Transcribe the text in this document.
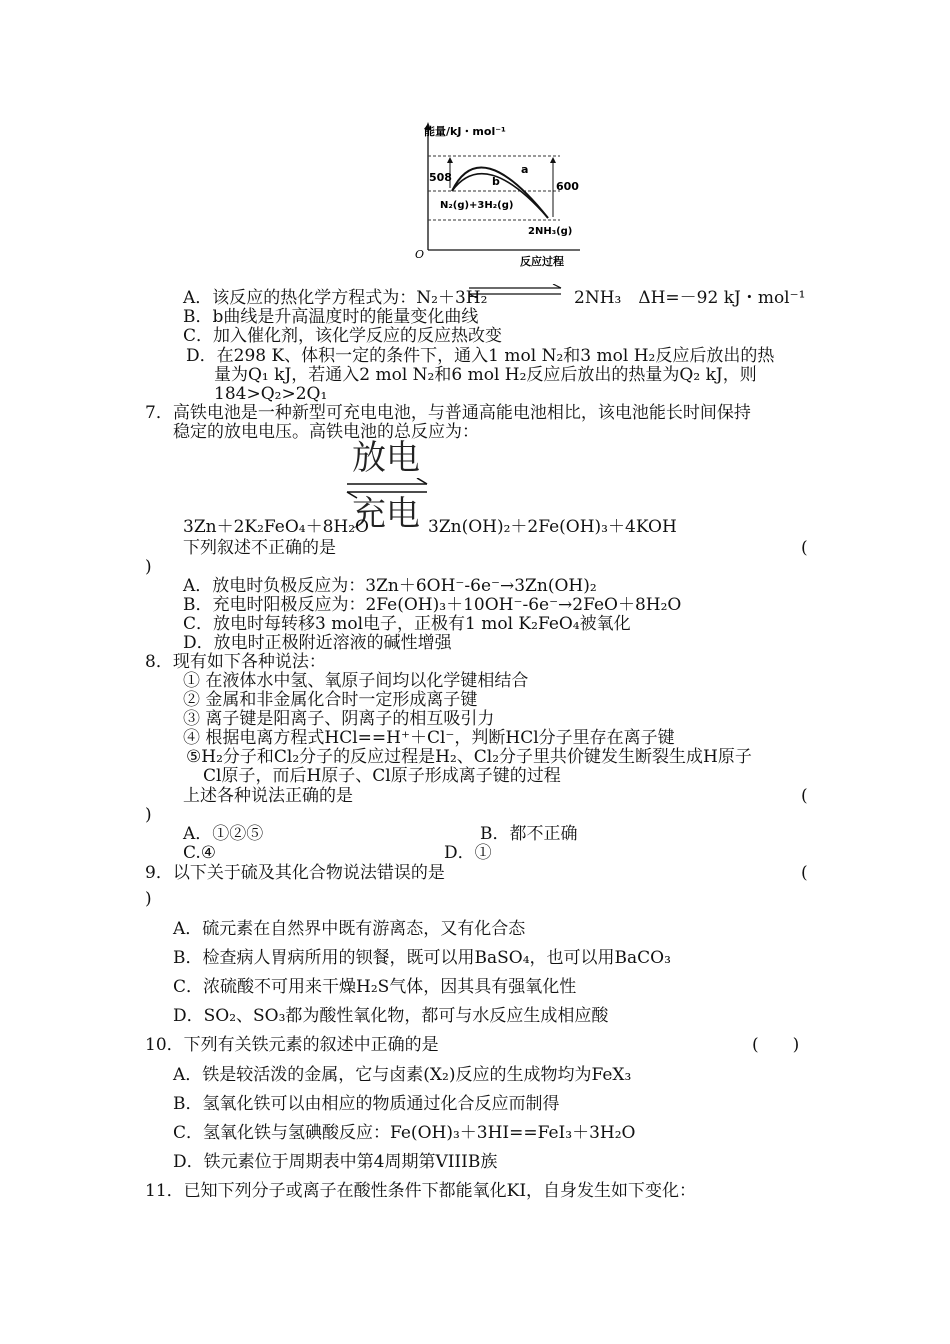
能量/kJ・mol⁻¹
O
反应过程
a
b
508
600
N₂(g)+3H₂(g)
2NH₃(g)
A．该反应的热化学方程式为：N₂＋3H₂	2NH₃　ΔH=－92 kJ・mol⁻¹
B．b曲线是升高温度时的能量变化曲线
C．加入催化剂，该化学反应的反应热改变
D．在298 K、体积一定的条件下，通入1 mol N₂和3 mol H₂反应后放出的热
量为Q₁ kJ，若通入2 mol N₂和6 mol H₂反应后放出的热量为Q₂ kJ，则
184>Q₂>2Q₁
7．高铁电池是一种新型可充电电池，与普通高能电池相比，该电池能长时间保持
稳定的放电电压。高铁电池的总反应为：
放电
充电
3Zn＋2K₂FeO₄＋8H₂O	3Zn(OH)₂＋2Fe(OH)₃＋4KOH
下列叙述不正确的是	(
)
A．放电时负极反应为：3Zn＋6OH⁻-6e⁻→3Zn(OH)₂
B．充电时阳极反应为：2Fe(OH)₃＋10OH⁻-6e⁻→2FeO＋8H₂O
C．放电时每转移3 mol电子，正极有1 mol K₂FeO₄被氧化
D．放电时正极附近溶液的碱性增强
8．现有如下各种说法：
① 在液体水中氢、氧原子间均以化学键相结合
② 金属和非金属化合时一定形成离子键
③ 离子键是阳离子、阴离子的相互吸引力
④ 根据电离方程式HCl==H⁺＋Cl⁻，判断HCl分子里存在离子键
⑤H₂分子和Cl₂分子的反应过程是H₂、Cl₂分子里共价键发生断裂生成H原子
Cl原子，而后H原子、Cl原子形成离子键的过程
上述各种说法正确的是	(
)
A．①②⑤	B．都不正确
C.④	D．①
9．以下关于硫及其化合物说法错误的是	(
)
A．硫元素在自然界中既有游离态，又有化合态
B．检查病人胃病所用的钡餐，既可以用BaSO₄，也可以用BaCO₃
C．浓硫酸不可用来干燥H₂S气体，因其具有强氧化性
D．SO₂、SO₃都为酸性氧化物，都可与水反应生成相应酸
10．下列有关铁元素的叙述中正确的是	(　　)
A．铁是较活泼的金属，它与卤素(X₂)反应的生成物均为FeX₃
B．氢氧化铁可以由相应的物质通过化合反应而制得
C．氢氧化铁与氢碘酸反应：Fe(OH)₃＋3HI==FeI₃＋3H₂O
D．铁元素位于周期表中第4周期第VIIIB族
11．已知下列分子或离子在酸性条件下都能氧化KI，自身发生如下变化：
